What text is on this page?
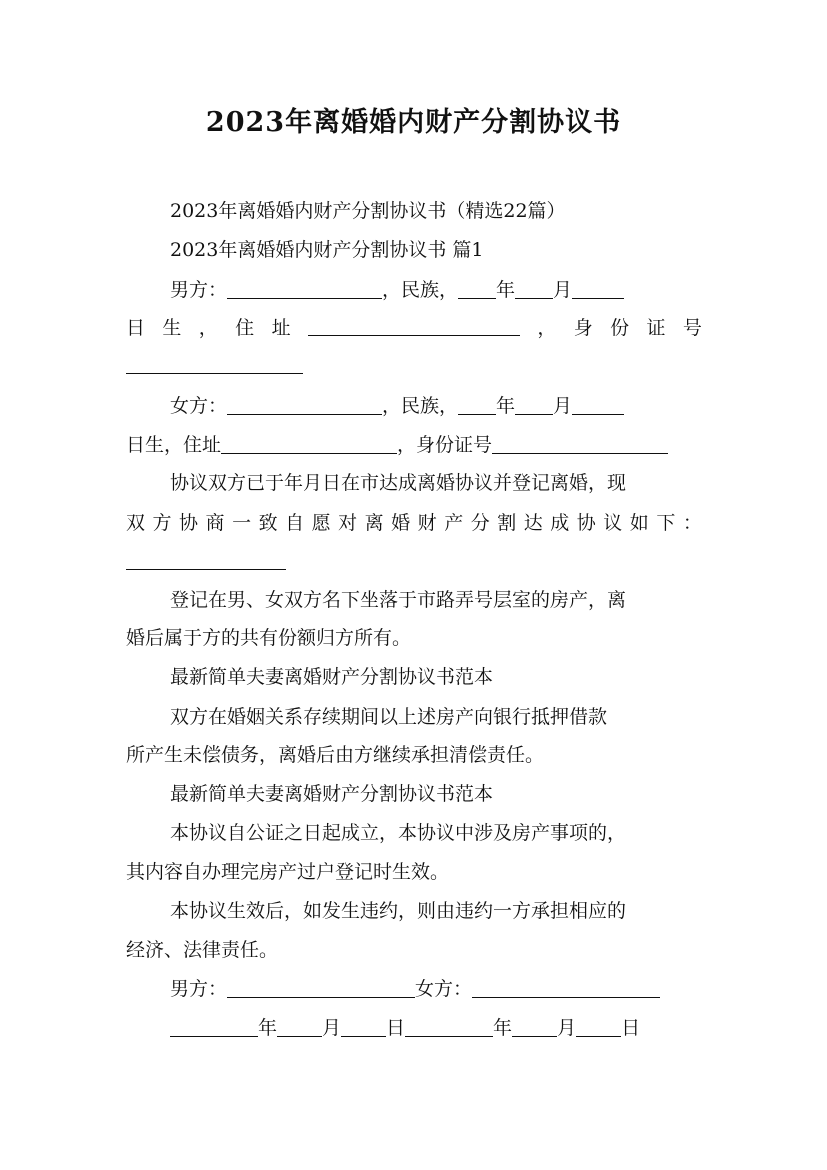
2023年离婚婚内财产分割协议书
2023年离婚婚内财产分割协议书（精选22篇）
2023年离婚婚内财产分割协议书 篇1
男方：	，民族， 年 月
日 生 ， 住 址	， 身 份 证 号
女方：	，民族， 年 月
日生，住址	，身份证号
协议双方已于年月日在市达成离婚协议并登记离婚，现
双 方 协 商 一 致 自 愿 对 离 婚 财 产 分 割 达 成 协 议 如 下 ：
登记在男、女双方名下坐落于市路弄号层室的房产，离
婚后属于方的共有份额归方所有。
最新简单夫妻离婚财产分割协议书范本
双方在婚姻关系存续期间以上述房产向银行抵押借款
所产生未偿债务，离婚后由方继续承担清偿责任。
最新简单夫妻离婚财产分割协议书范本
本协议自公证之日起成立，本协议中涉及房产事项的，
其内容自办理完房产过户登记时生效。
本协议生效后，如发生违约，则由违约一方承担相应的
经济、法律责任。
男方：	女方：
年 月 日	年 月 日
